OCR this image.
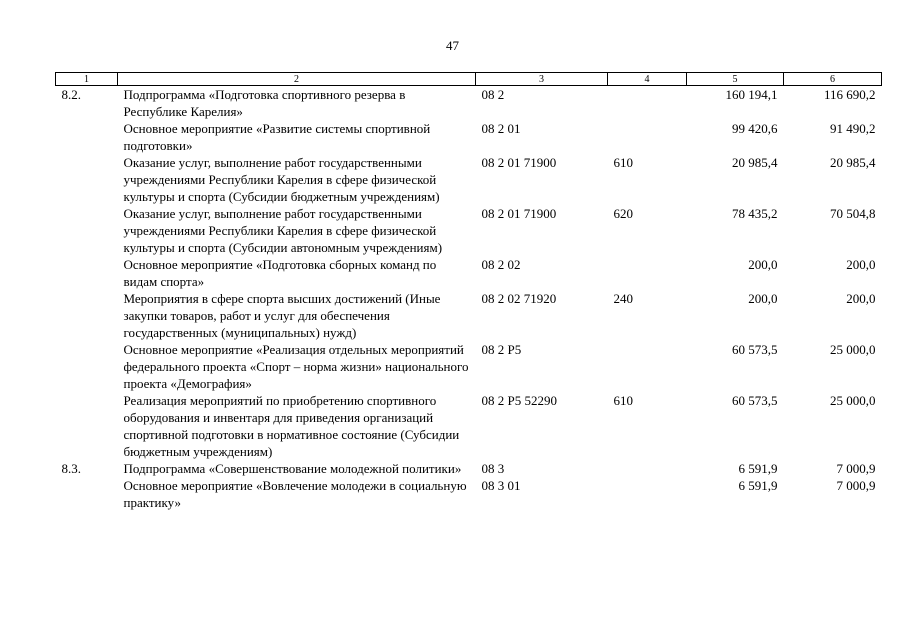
47
1	2	3	4	5	6
8.2.	Подпрограмма «Подготовка спортивного резерва в Республике Карелия»	08 2		160 194,1	116 690,2
	Основное мероприятие «Развитие системы спортивной подготовки»	08 2 01		99 420,6	91 490,2
	Оказание услуг, выполнение работ государственными учреждениями Республики Карелия в сфере физической культуры и спорта (Субсидии бюджетным учреждениям)	08 2 01 71900	610	20 985,4	20 985,4
	Оказание услуг, выполнение работ государственными учреждениями Республики Карелия в сфере физической культуры и спорта (Субсидии автономным учреждениям)	08 2 01 71900	620	78 435,2	70 504,8
	Основное мероприятие «Подготовка сборных команд по видам спорта»	08 2 02		200,0	200,0
	Мероприятия в сфере спорта высших достижений (Иные закупки товаров, работ и услуг для обеспечения государственных (муниципальных) нужд)	08 2 02 71920	240	200,0	200,0
	Основное мероприятие «Реализация отдельных мероприятий федерального проекта «Спорт – норма жизни» национального проекта «Демография»	08 2 P5		60 573,5	25 000,0
	Реализация мероприятий по приобретению спортивного оборудования и инвентаря для приведения организаций спортивной подготовки в нормативное состояние (Субсидии бюджетным учреждениям)	08 2 P5 52290	610	60 573,5	25 000,0
8.3.	Подпрограмма «Совершенствование молодежной политики»	08 3		6 591,9	7 000,9
	Основное мероприятие «Вовлечение молодежи в социальную практику»	08 3 01		6 591,9	7 000,9
